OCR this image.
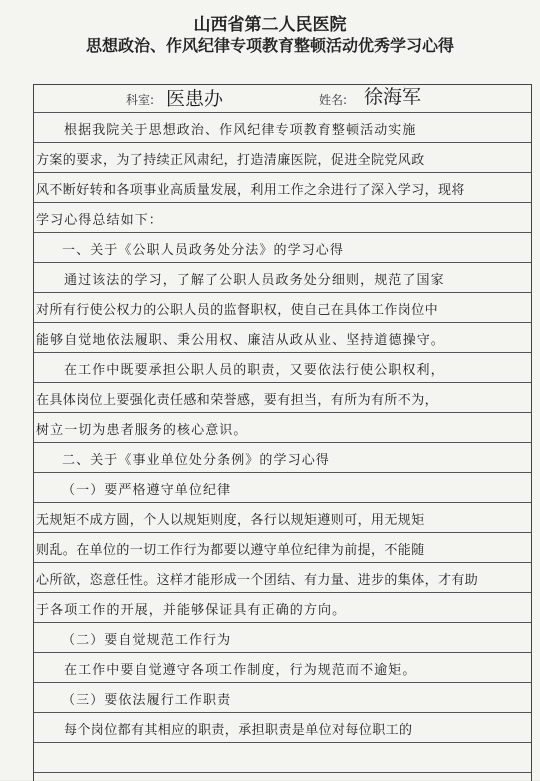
山西省第二人民医院
思想政治、作风纪律专项教育整顿活动优秀学习心得
科室: 医患办	姓名: 徐海军
根据我院关于思想政治、作风纪律专项教育整顿活动实施
方案的要求，为了持续正风肃纪，打造清廉医院，促进全院党风政
风不断好转和各项事业高质量发展，利用工作之余进行了深入学习，现将
学习心得总结如下：
一、关于《公职人员政务处分法》的学习心得
通过该法的学习，了解了公职人员政务处分细则，规范了国家
对所有行使公权力的公职人员的监督职权，使自己在具体工作岗位中
能够自觉地依法履职、秉公用权、廉洁从政从业、坚持道德操守。
在工作中既要承担公职人员的职责，又要依法行使公职权利，
在具体岗位上要强化责任感和荣誉感，要有担当，有所为有所不为，
树立一切为患者服务的核心意识。
二、关于《事业单位处分条例》的学习心得
（一）要严格遵守单位纪律
无规矩不成方圆，个人以规矩则度，各行以规矩遵则可，用无规矩
则乱。在单位的一切工作行为都要以遵守单位纪律为前提，不能随
心所欲，恣意任性。这样才能形成一个团结、有力量、进步的集体，才有助
于各项工作的开展，并能够保证具有正确的方向。
（二）要自觉规范工作行为
在工作中要自觉遵守各项工作制度，行为规范而不逾矩。
（三）要依法履行工作职责
每个岗位都有其相应的职责，承担职责是单位对每位职工的
